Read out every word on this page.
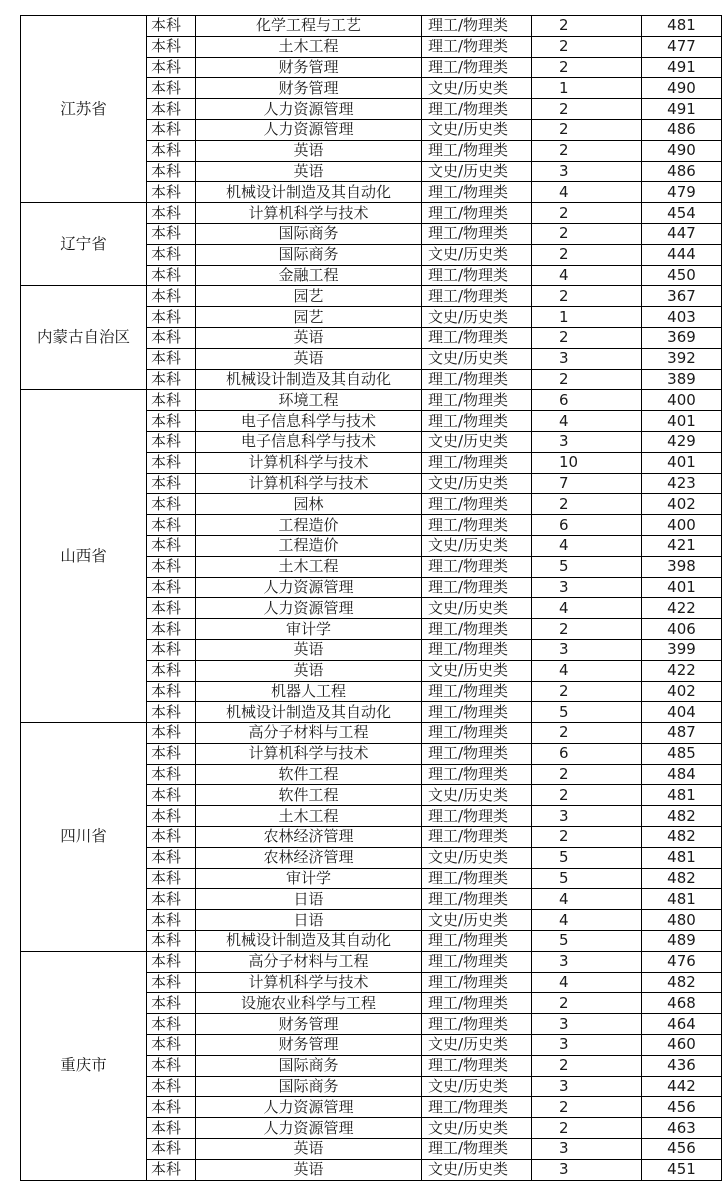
江苏省	本科	化学工程与工艺	理工/物理类	2	481
	本科	土木工程	理工/物理类	2	477
	本科	财务管理	理工/物理类	2	491
	本科	财务管理	文史/历史类	1	490
	本科	人力资源管理	理工/物理类	2	491
	本科	人力资源管理	文史/历史类	2	486
	本科	英语	理工/物理类	2	490
	本科	英语	文史/历史类	3	486
	本科	机械设计制造及其自动化	理工/物理类	4	479
辽宁省	本科	计算机科学与技术	理工/物理类	2	454
	本科	国际商务	理工/物理类	2	447
	本科	国际商务	文史/历史类	2	444
	本科	金融工程	理工/物理类	4	450
内蒙古自治区	本科	园艺	理工/物理类	2	367
	本科	园艺	文史/历史类	1	403
	本科	英语	理工/物理类	2	369
	本科	英语	文史/历史类	3	392
	本科	机械设计制造及其自动化	理工/物理类	2	389
山西省	本科	环境工程	理工/物理类	6	400
	本科	电子信息科学与技术	理工/物理类	4	401
	本科	电子信息科学与技术	文史/历史类	3	429
	本科	计算机科学与技术	理工/物理类	10	401
	本科	计算机科学与技术	文史/历史类	7	423
	本科	园林	理工/物理类	2	402
	本科	工程造价	理工/物理类	6	400
	本科	工程造价	文史/历史类	4	421
	本科	土木工程	理工/物理类	5	398
	本科	人力资源管理	理工/物理类	3	401
	本科	人力资源管理	文史/历史类	4	422
	本科	审计学	理工/物理类	2	406
	本科	英语	理工/物理类	3	399
	本科	英语	文史/历史类	4	422
	本科	机器人工程	理工/物理类	2	402
	本科	机械设计制造及其自动化	理工/物理类	5	404
四川省	本科	高分子材料与工程	理工/物理类	2	487
	本科	计算机科学与技术	理工/物理类	6	485
	本科	软件工程	理工/物理类	2	484
	本科	软件工程	文史/历史类	2	481
	本科	土木工程	理工/物理类	3	482
	本科	农林经济管理	理工/物理类	2	482
	本科	农林经济管理	文史/历史类	5	481
	本科	审计学	理工/物理类	5	482
	本科	日语	理工/物理类	4	481
	本科	日语	文史/历史类	4	480
	本科	机械设计制造及其自动化	理工/物理类	5	489
重庆市	本科	高分子材料与工程	理工/物理类	3	476
	本科	计算机科学与技术	理工/物理类	4	482
	本科	设施农业科学与工程	理工/物理类	2	468
	本科	财务管理	理工/物理类	3	464
	本科	财务管理	文史/历史类	3	460
	本科	国际商务	理工/物理类	2	436
	本科	国际商务	文史/历史类	3	442
	本科	人力资源管理	理工/物理类	2	456
	本科	人力资源管理	文史/历史类	2	463
	本科	英语	理工/物理类	3	456
	本科	英语	文史/历史类	3	451
